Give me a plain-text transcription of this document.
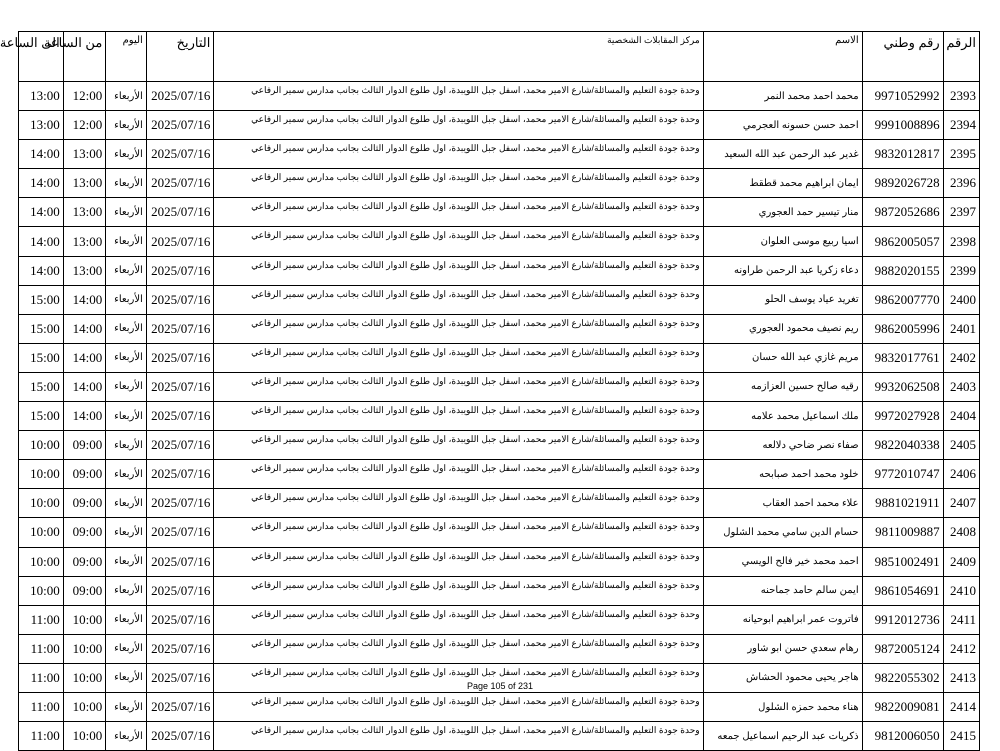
الرقم	رقم وطني	الاسم	مركز المقابلات الشخصية	التاريخ	اليوم	من الساعة	الى الساعة
2393	9971052992	محمد احمد محمد النمر	وحدة جودة التعليم والمسائلة/شارع الامير محمد، اسفل جبل اللويبدة، اول طلوع الدوار الثالث بجانب مدارس سمير الرفاعي	2025/07/16	الأربعاء	12:00	13:00
2394	9991008896	احمد حسن حسونه العجرمي	وحدة جودة التعليم والمسائلة/شارع الامير محمد، اسفل جبل اللويبدة، اول طلوع الدوار الثالث بجانب مدارس سمير الرفاعي	2025/07/16	الأربعاء	12:00	13:00
2395	9832012817	غدير عبد الرحمن عبد الله السعيد	وحدة جودة التعليم والمسائلة/شارع الامير محمد، اسفل جبل اللويبدة، اول طلوع الدوار الثالث بجانب مدارس سمير الرفاعي	2025/07/16	الأربعاء	13:00	14:00
2396	9892026728	ايمان ابراهيم محمد قطقط	وحدة جودة التعليم والمسائلة/شارع الامير محمد، اسفل جبل اللويبدة، اول طلوع الدوار الثالث بجانب مدارس سمير الرفاعي	2025/07/16	الأربعاء	13:00	14:00
2397	9872052686	منار تيسير حمد العجوري	وحدة جودة التعليم والمسائلة/شارع الامير محمد، اسفل جبل اللويبدة، اول طلوع الدوار الثالث بجانب مدارس سمير الرفاعي	2025/07/16	الأربعاء	13:00	14:00
2398	9862005057	اسيا ربيع موسى العلوان	وحدة جودة التعليم والمسائلة/شارع الامير محمد، اسفل جبل اللويبدة، اول طلوع الدوار الثالث بجانب مدارس سمير الرفاعي	2025/07/16	الأربعاء	13:00	14:00
2399	9882020155	دعاء زكريا عبد الرحمن طراونه	وحدة جودة التعليم والمسائلة/شارع الامير محمد، اسفل جبل اللويبدة، اول طلوع الدوار الثالث بجانب مدارس سمير الرفاعي	2025/07/16	الأربعاء	13:00	14:00
2400	9862007770	تغريد عياد يوسف الحلو	وحدة جودة التعليم والمسائلة/شارع الامير محمد، اسفل جبل اللويبدة، اول طلوع الدوار الثالث بجانب مدارس سمير الرفاعي	2025/07/16	الأربعاء	14:00	15:00
2401	9862005996	ريم نصيف محمود العجوري	وحدة جودة التعليم والمسائلة/شارع الامير محمد، اسفل جبل اللويبدة، اول طلوع الدوار الثالث بجانب مدارس سمير الرفاعي	2025/07/16	الأربعاء	14:00	15:00
2402	9832017761	مريم غازي عبد الله حسان	وحدة جودة التعليم والمسائلة/شارع الامير محمد، اسفل جبل اللويبدة، اول طلوع الدوار الثالث بجانب مدارس سمير الرفاعي	2025/07/16	الأربعاء	14:00	15:00
2403	9932062508	رقيه صالح حسين العزازمه	وحدة جودة التعليم والمسائلة/شارع الامير محمد، اسفل جبل اللويبدة، اول طلوع الدوار الثالث بجانب مدارس سمير الرفاعي	2025/07/16	الأربعاء	14:00	15:00
2404	9972027928	ملك اسماعيل محمد علامه	وحدة جودة التعليم والمسائلة/شارع الامير محمد، اسفل جبل اللويبدة، اول طلوع الدوار الثالث بجانب مدارس سمير الرفاعي	2025/07/16	الأربعاء	14:00	15:00
2405	9822040338	صفاء نصر ضاحي دلالعه	وحدة جودة التعليم والمسائلة/شارع الامير محمد، اسفل جبل اللويبدة، اول طلوع الدوار الثالث بجانب مدارس سمير الرفاعي	2025/07/16	الأربعاء	09:00	10:00
2406	9772010747	خلود محمد احمد صبابحه	وحدة جودة التعليم والمسائلة/شارع الامير محمد، اسفل جبل اللويبدة، اول طلوع الدوار الثالث بجانب مدارس سمير الرفاعي	2025/07/16	الأربعاء	09:00	10:00
2407	9881021911	علاء محمد احمد العقاب	وحدة جودة التعليم والمسائلة/شارع الامير محمد، اسفل جبل اللويبدة، اول طلوع الدوار الثالث بجانب مدارس سمير الرفاعي	2025/07/16	الأربعاء	09:00	10:00
2408	9811009887	حسام الدين سامي محمد الشلول	وحدة جودة التعليم والمسائلة/شارع الامير محمد، اسفل جبل اللويبدة، اول طلوع الدوار الثالث بجانب مدارس سمير الرفاعي	2025/07/16	الأربعاء	09:00	10:00
2409	9851002491	احمد محمد خير فالح الويسي	وحدة جودة التعليم والمسائلة/شارع الامير محمد، اسفل جبل اللويبدة، اول طلوع الدوار الثالث بجانب مدارس سمير الرفاعي	2025/07/16	الأربعاء	09:00	10:00
2410	9861054691	ايمن سالم حامد جماحنه	وحدة جودة التعليم والمسائلة/شارع الامير محمد، اسفل جبل اللويبدة، اول طلوع الدوار الثالث بجانب مدارس سمير الرفاعي	2025/07/16	الأربعاء	09:00	10:00
2411	9912012736	فاتروت عمر ابراهيم ابوحيانه	وحدة جودة التعليم والمسائلة/شارع الامير محمد، اسفل جبل اللويبدة، اول طلوع الدوار الثالث بجانب مدارس سمير الرفاعي	2025/07/16	الأربعاء	10:00	11:00
2412	9872005124	رهام سعدي حسن ابو شاور	وحدة جودة التعليم والمسائلة/شارع الامير محمد، اسفل جبل اللويبدة، اول طلوع الدوار الثالث بجانب مدارس سمير الرفاعي	2025/07/16	الأربعاء	10:00	11:00
2413	9822055302	هاجر يحيى محمود الحشاش	وحدة جودة التعليم والمسائلة/شارع الامير محمد، اسفل جبل اللويبدة، اول طلوع الدوار الثالث بجانب مدارس سمير الرفاعي	2025/07/16	الأربعاء	10:00	11:00
2414	9822009081	هناء محمد حمزه الشلول	وحدة جودة التعليم والمسائلة/شارع الامير محمد، اسفل جبل اللويبدة، اول طلوع الدوار الثالث بجانب مدارس سمير الرفاعي	2025/07/16	الأربعاء	10:00	11:00
2415	9812006050	ذكريات عبد الرحيم اسماعيل جمعه	وحدة جودة التعليم والمسائلة/شارع الامير محمد، اسفل جبل اللويبدة، اول طلوع الدوار الثالث بجانب مدارس سمير الرفاعي	2025/07/16	الأربعاء	10:00	11:00
Page 105 of 231
